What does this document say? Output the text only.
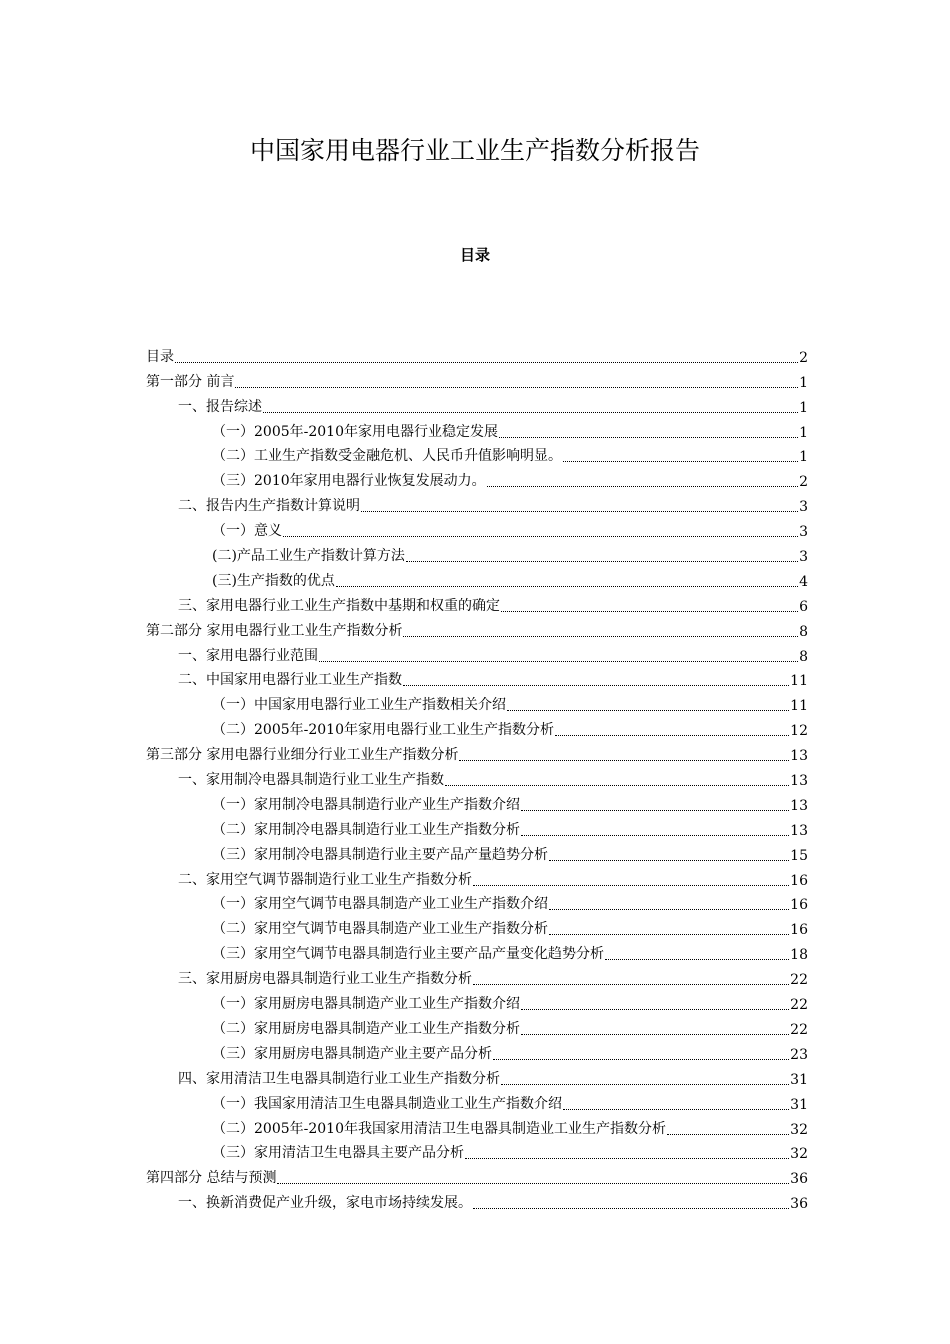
中国家用电器行业工业生产指数分析报告
目录
目录	2
第一部分 前言	1
一、报告综述	1
（一）2005年-2010年家用电器行业稳定发展	1
（二）工业生产指数受金融危机、人民币升值影响明显。	1
（三）2010年家用电器行业恢复发展动力。	2
二、报告内生产指数计算说明	3
（一）意义	3
(二)产品工业生产指数计算方法	3
(三)生产指数的优点	4
三、家用电器行业工业生产指数中基期和权重的确定	6
第二部分 家用电器行业工业生产指数分析	8
一、家用电器行业范围	8
二、中国家用电器行业工业生产指数	11
（一）中国家用电器行业工业生产指数相关介绍	11
（二）2005年-2010年家用电器行业工业生产指数分析	12
第三部分 家用电器行业细分行业工业生产指数分析	13
一、家用制冷电器具制造行业工业生产指数	13
（一）家用制冷电器具制造行业产业生产指数介绍	13
（二）家用制冷电器具制造行业工业生产指数分析	13
（三）家用制冷电器具制造行业主要产品产量趋势分析	15
二、家用空气调节器制造行业工业生产指数分析	16
（一）家用空气调节电器具制造产业工业生产指数介绍	16
（二）家用空气调节电器具制造产业工业生产指数分析	16
（三）家用空气调节电器具制造行业主要产品产量变化趋势分析	18
三、家用厨房电器具制造行业工业生产指数分析	22
（一）家用厨房电器具制造产业工业生产指数介绍	22
（二）家用厨房电器具制造产业工业生产指数分析	22
（三）家用厨房电器具制造产业主要产品分析	23
四、家用清洁卫生电器具制造行业工业生产指数分析	31
（一）我国家用清洁卫生电器具制造业工业生产指数介绍	31
（二）2005年-2010年我国家用清洁卫生电器具制造业工业生产指数分析	32
（三）家用清洁卫生电器具主要产品分析	32
第四部分 总结与预测	36
一、换新消费促产业升级，家电市场持续发展。	36
